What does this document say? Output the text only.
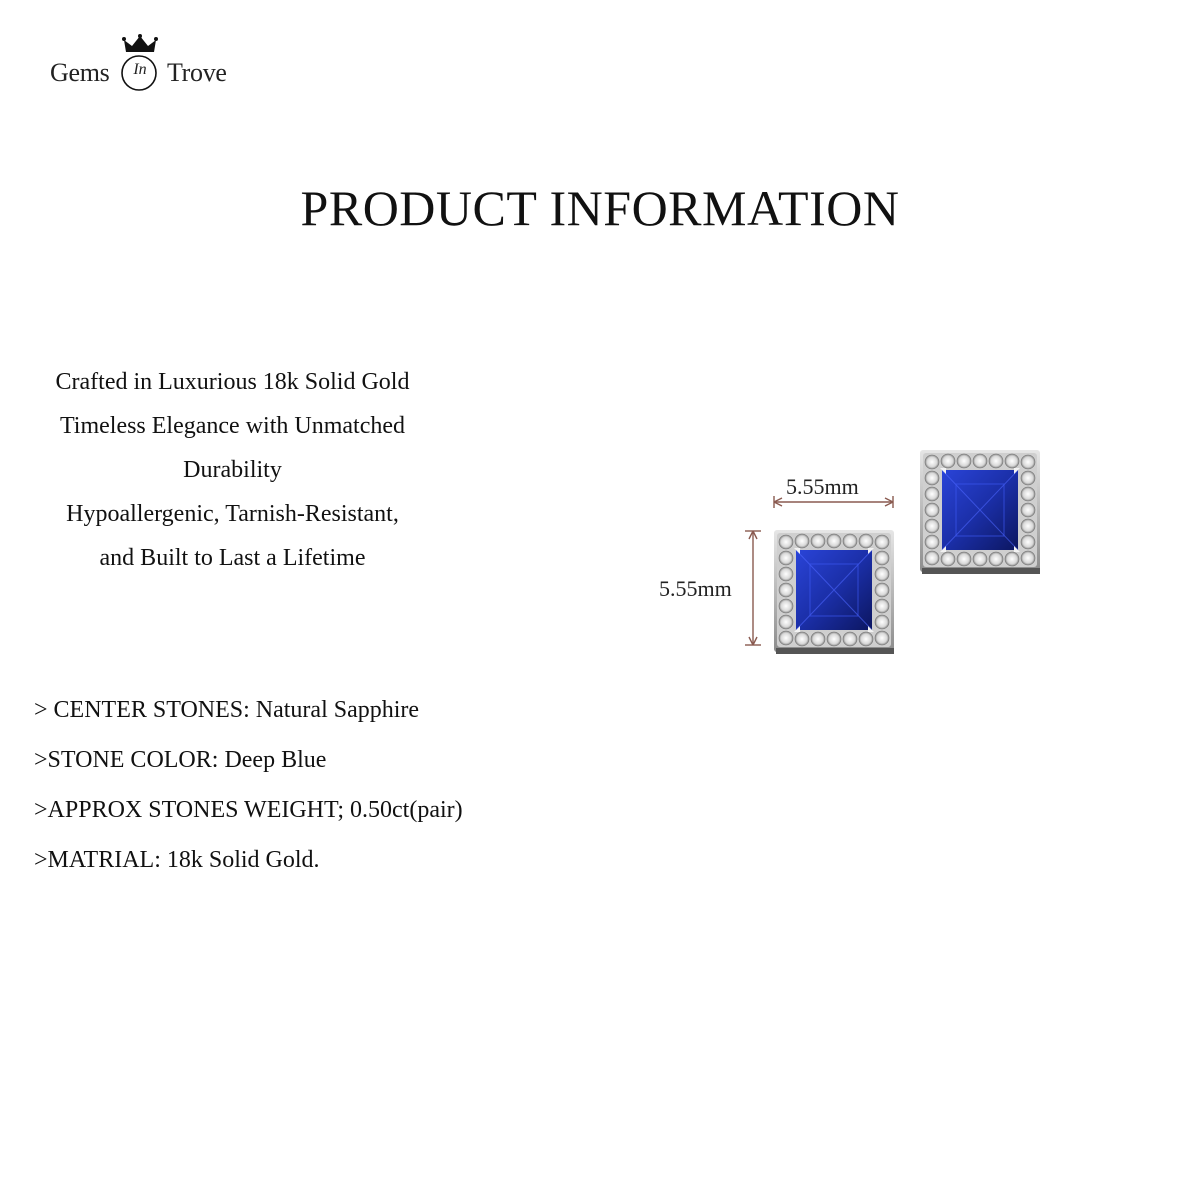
Gems	In Trove
PRODUCT INFORMATION

Crafted in Luxurious 18k Solid Gold

Timeless Elegance with Unmatched

Durability

Hypoallergenic, Tarnish-Resistant,

and Built to Last a Lifetime

> CENTER STONES: Natural Sapphire

>STONE COLOR: Deep Blue

>APPROX STONES WEIGHT; 0.50ct(pair)

>MATRIAL: 18k Solid Gold.

5.55mm
5.55mm
